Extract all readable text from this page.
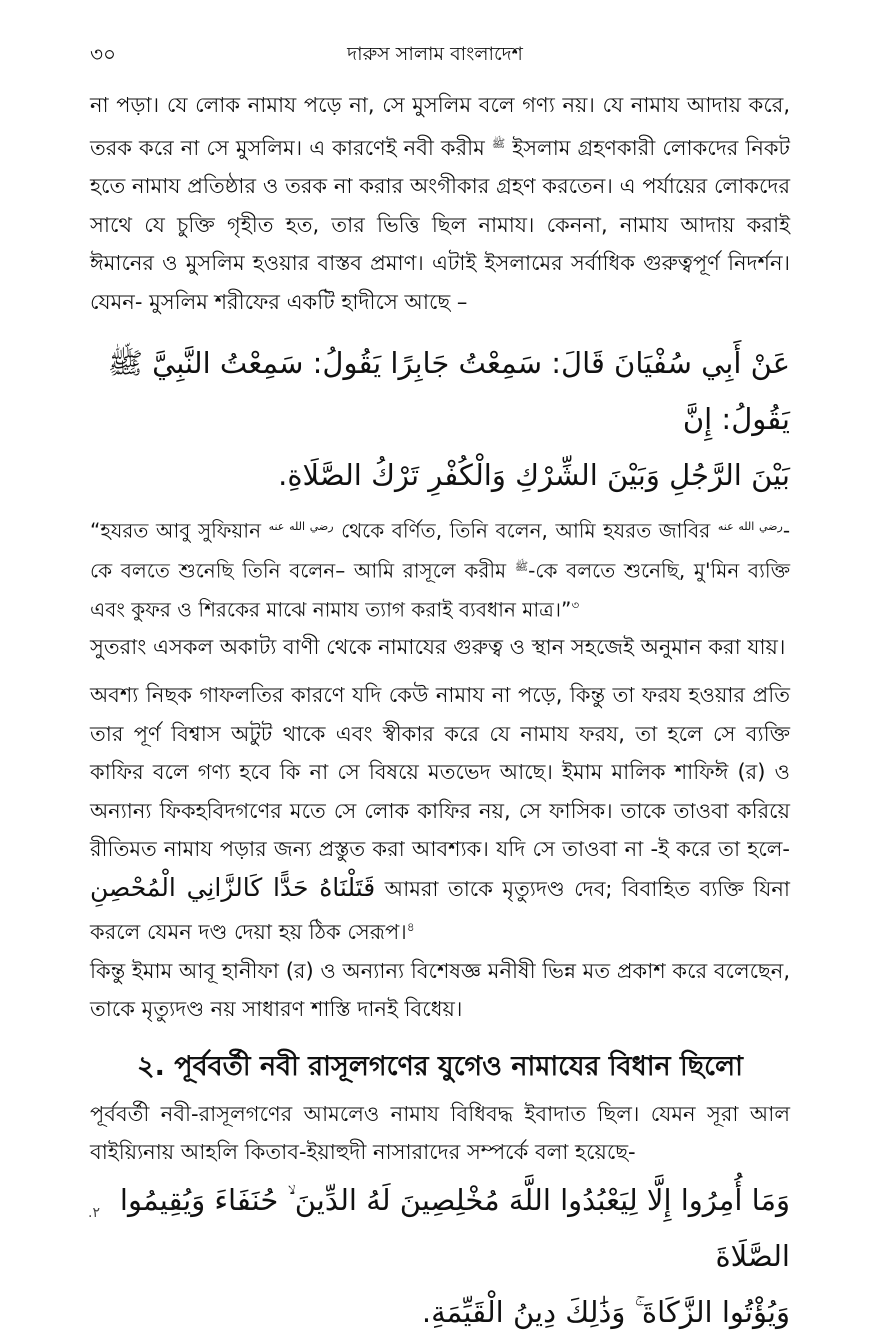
৩০	দারুস সালাম বাংলাদেশ

না পড়া। যে লোক নামায পড়ে না, সে মুসলিম বলে গণ্য নয়। যে নামায আদায় করে, তরক করে না সে মুসলিম। এ কারণেই নবী করীম $^ﷺ$ ইসলাম গ্রহণকারী লোকদের নিকট হতে নামায প্রতিষ্ঠার ও তরক না করার অংগীকার গ্রহণ করতেন। এ পর্যায়ের লোকদের সাথে যে চুক্তি গৃহীত হত, তার ভিত্তি ছিল নামায। কেননা, নামায আদায় করাই ঈমানের ও মুসলিম হওয়ার বাস্তব প্রমাণ। এটাই ইসলামের সর্বাধিক গুরুত্বপূর্ণ নিদর্শন। যেমন- মুসলিম শরীফের একটি হাদীসে আছে –

عَنْ أَبِي سُفْيَانَ قَالَ: سَمِعْتُ جَابِرًا يَقُولُ: سَمِعْتُ النَّبِيَّ ﷺ يَقُولُ: إِنَّ
بَيْنَ الرَّجُلِ وَبَيْنَ الشِّرْكِ وَالْكُفْرِ تَرْكُ الصَّلَاةِ.

“হযরত আবু সুফিয়ান $^{رضي الله عنه}$ থেকে বর্ণিত, তিনি বলেন, আমি হযরত জাবির $^{رضي الله عنه}$-কে বলতে শুনেছি তিনি বলেন– আমি রাসূলে করীম $^ﷺ$-কে বলতে শুনেছি, মু'মিন ব্যক্তি এবং কুফর ও শিরকের মাঝে নামায ত্যাগ করাই ব্যবধান মাত্র।”$^৩$

সুতরাং এসকল অকাট্য বাণী থেকে নামাযের গুরুত্ব ও স্থান সহজেই অনুমান করা যায়।

অবশ্য নিছক গাফলতির কারণে যদি কেউ নামায না পড়ে, কিন্তু তা ফরয হওয়ার প্রতি তার পূর্ণ বিশ্বাস অটুট থাকে এবং স্বীকার করে যে নামায ফরয, তা হলে সে ব্যক্তি কাফির বলে গণ্য হবে কি না সে বিষয়ে মতভেদ আছে। ইমাম মালিক শাফিঈ (র) ও অন্যান্য ফিকহবিদগণের মতে সে লোক কাফির নয়, সে ফাসিক। তাকে তাওবা করিয়ে রীতিমত নামায পড়ার জন্য প্রস্তুত করা আবশ্যক। যদি সে তাওবা না -ই করে তা হলে- قَتَلْنَاهُ حَدًّا كَالزَّانِي الْمُحْصِنِ আমরা তাকে মৃত্যুদণ্ড দেব; বিবাহিত ব্যক্তি যিনা করলে যেমন দণ্ড দেয়া হয় ঠিক সেরূপ।$^৪$

কিন্তু ইমাম আবূ হানীফা (র) ও অন্যান্য বিশেষজ্ঞ মনীষী ভিন্ন মত প্রকাশ করে বলেছেন, তাকে মৃত্যুদণ্ড নয় সাধারণ শাস্তি দানই বিধেয়।

২. পূর্ববর্তী নবী রাসূলগণের যুগেও নামাযের বিধান ছিলো

পূর্ববর্তী নবী-রাসূলগণের আমলেও নামায বিধিবদ্ধ ইবাদাত ছিল। যেমন সূরা আল বাইয়্যিনায় আহলি কিতাব-ইয়াহুদী নাসারাদের সম্পর্কে বলা হয়েছে-

وَمَا أُمِرُوا إِلَّا لِيَعْبُدُوا اللَّهَ مُخْلِصِينَ لَهُ الدِّينَ ۙ حُنَفَاءَ وَيُقِيمُوا الصَّلَاةَ
وَيُؤْتُوا الزَّكَاةَ ۚ وَذَٰلِكَ دِينُ الْقَيِّمَةِ.
.۲
